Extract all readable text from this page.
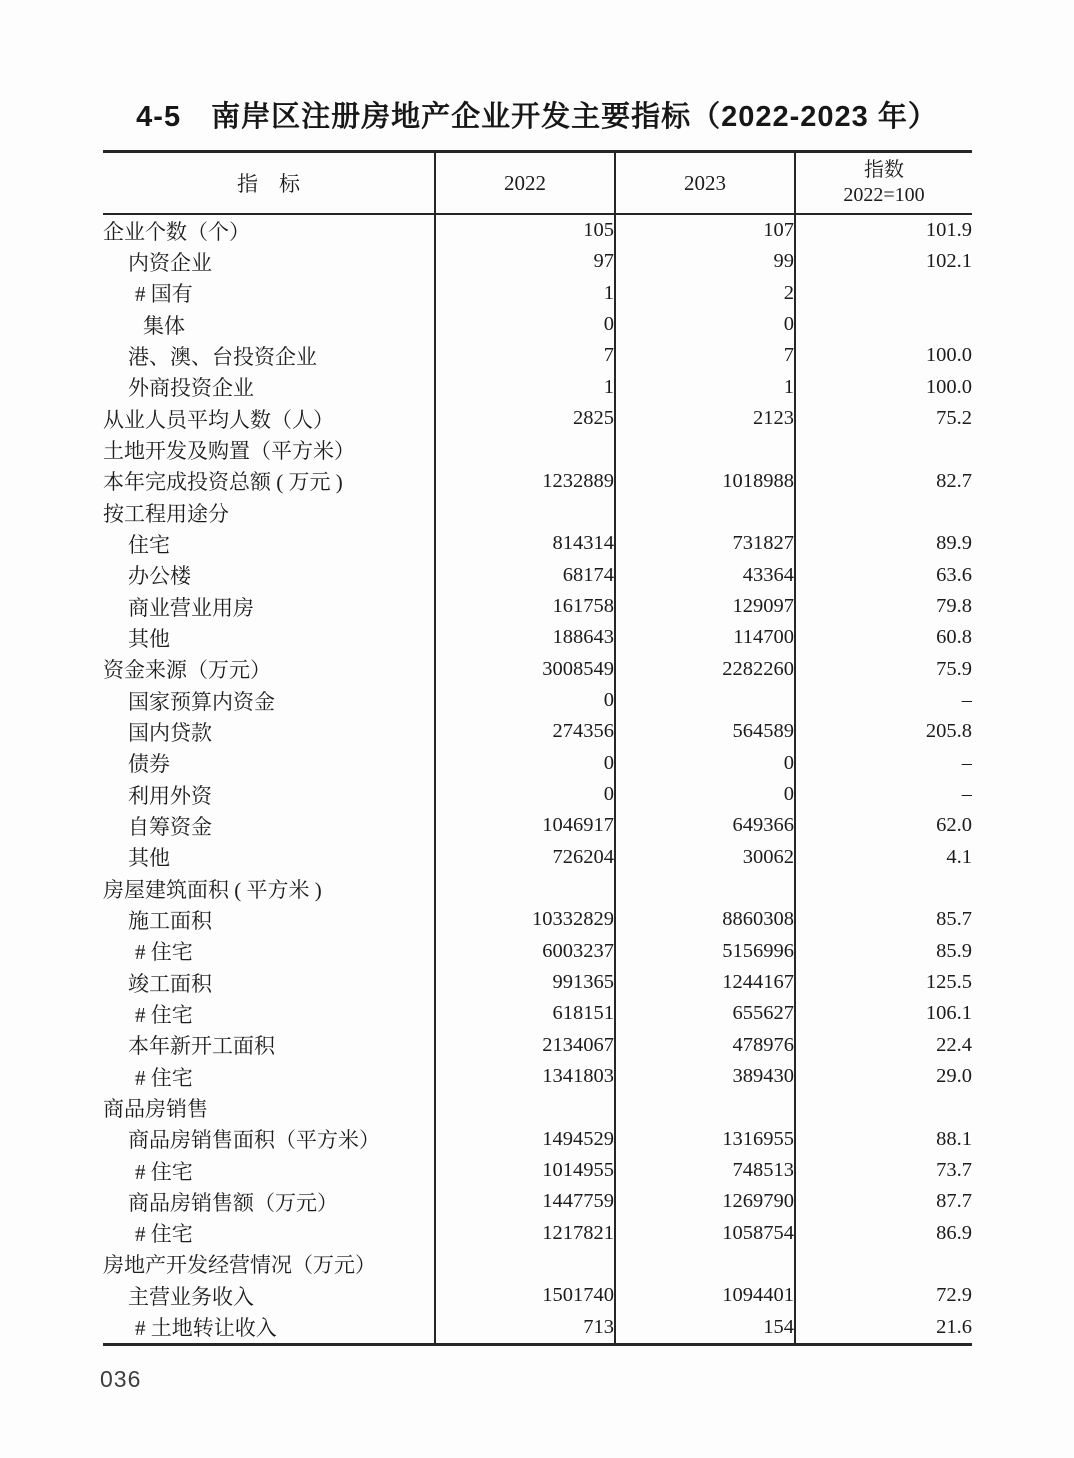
4-5　南岸区注册房地产企业开发主要指标（2022-2023 年）
指　标	2022	2023	指数
2022=100

企业个数（个）	105	107	101.9
内资企业	97	99	102.1
# 国有	1	2	
集体	0	0	
港、澳、台投资企业	7	7	100.0
外商投资企业	1	1	100.0
从业人员平均人数（人）	2825	2123	75.2
土地开发及购置（平方米）			
本年完成投资总额 ( 万元 )	1232889	1018988	82.7
按工程用途分			
住宅	814314	731827	89.9
办公楼	68174	43364	63.6
商业营业用房	161758	129097	79.8
其他	188643	114700	60.8
资金来源（万元）	3008549	2282260	75.9
国家预算内资金	0		–
国内贷款	274356	564589	205.8
债券	0	0	–
利用外资	0	0	–
自筹资金	1046917	649366	62.0
其他	726204	30062	4.1
房屋建筑面积 ( 平方米 )			
施工面积	10332829	8860308	85.7
# 住宅	6003237	5156996	85.9
竣工面积	991365	1244167	125.5
# 住宅	618151	655627	106.1
本年新开工面积	2134067	478976	22.4
# 住宅	1341803	389430	29.0
商品房销售			
商品房销售面积（平方米）	1494529	1316955	88.1
# 住宅	1014955	748513	73.7
商品房销售额（万元）	1447759	1269790	87.7
# 住宅	1217821	1058754	86.9
房地产开发经营情况（万元）			
主营业务收入	1501740	1094401	72.9
# 土地转让收入	713	154	21.6
036
